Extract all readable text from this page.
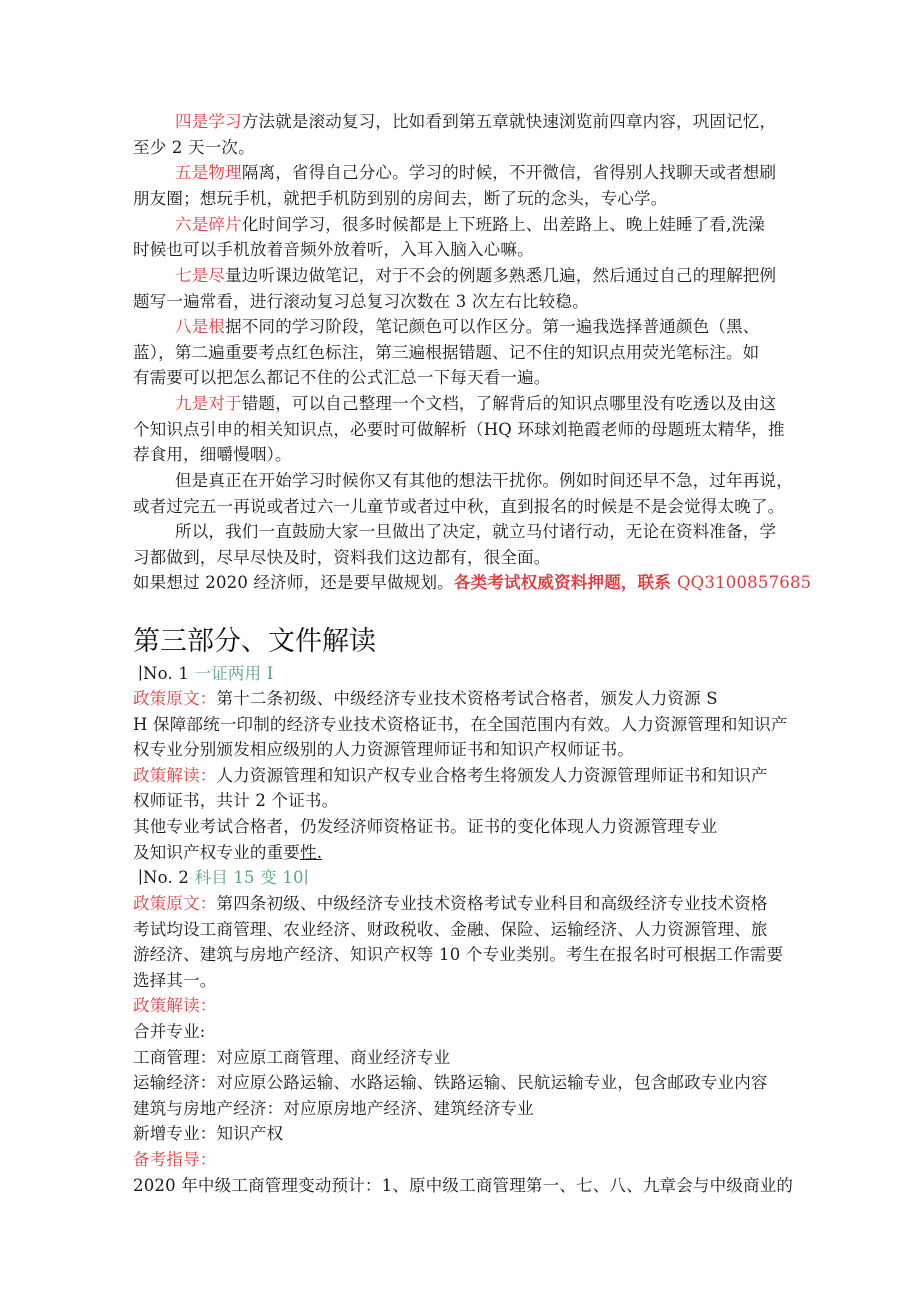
四是学习方法就是滚动复习，比如看到第五章就快速浏览前四章内容，巩固记忆，
至少 2 天一次。
五是物理隔离，省得自己分心。学习的时候，不开微信，省得别人找聊天或者想刷
朋友圈；想玩手机，就把手机防到别的房间去，断了玩的念头，专心学。
六是碎片化时间学习，很多时候都是上下班路上、出差路上、晚上娃睡了看,洗澡
时候也可以手机放着音频外放着听，入耳入脑入心嘛。
七是尽量边听课边做笔记，对于不会的例题多熟悉几遍，然后通过自己的理解把例
题写一遍常看，进行滚动复习总复习次数在 3 次左右比较稳。
八是根据不同的学习阶段，笔记颜色可以作区分。第一遍我选择普通颜色（黑、
蓝），第二遍重要考点红色标注，第三遍根据错题、记不住的知识点用荧光笔标注。如
有需要可以把怎么都记不住的公式汇总一下每天看一遍。
九是对于错题，可以自己整理一个文档，了解背后的知识点哪里没有吃透以及由这
个知识点引申的相关知识点，必要时可做解析（HQ 环球刘艳霞老师的母题班太精华，推
荐食用，细嚼慢咽）。
但是真正在开始学习时候你又有其他的想法干扰你。例如时间还早不急，过年再说，
或者过完五一再说或者过六一儿童节或者过中秋，直到报名的时候是不是会觉得太晚了。
所以，我们一直鼓励大家一旦做出了决定，就立马付诸行动，无论在资料准备，学
习都做到，尽早尽快及时，资料我们这边都有，很全面。
如果想过 2020 经济师，还是要早做规划。各类考试权威资料押题，联系 QQ3100857685
第三部分、文件解读
∣No. 1 一证两用 I
政策原文：第十二条初级、中级经济专业技术资格考试合格者，颁发人力资源 S
H 保障部统一印制的经济专业技术资格证书，在全国范围内有效。人力资源管理和知识产
权专业分别颁发相应级别的人力资源管理师证书和知识产权师证书。
政策解读：人力资源管理和知识产权专业合格考生将颁发人力资源管理师证书和知识产
权师证书，共计 2 个证书。
其他专业考试合格者，仍发经济师资格证书。证书的变化体现人力资源管理专业
及知识产权专业的重要性.
∣No. 2 科目 15 变 10∣
政策原文：第四条初级、中级经济专业技术资格考试专业科目和高级经济专业技术资格
考试均设工商管理、农业经济、财政税收、金融、保险、运输经济、人力资源管理、旅
游经济、建筑与房地产经济、知识产权等 10 个专业类别。考生在报名时可根据工作需要
选择其一。
政策解读：
合并专业:
工商管理：对应原工商管理、商业经济专业
运输经济：对应原公路运输、水路运输、铁路运输、民航运输专业，包含邮政专业内容
建筑与房地产经济：对应原房地产经济、建筑经济专业
新增专业：知识产权
备考指导：
2020 年中级工商管理变动预计：1、原中级工商管理第一、七、八、九章会与中级商业的
